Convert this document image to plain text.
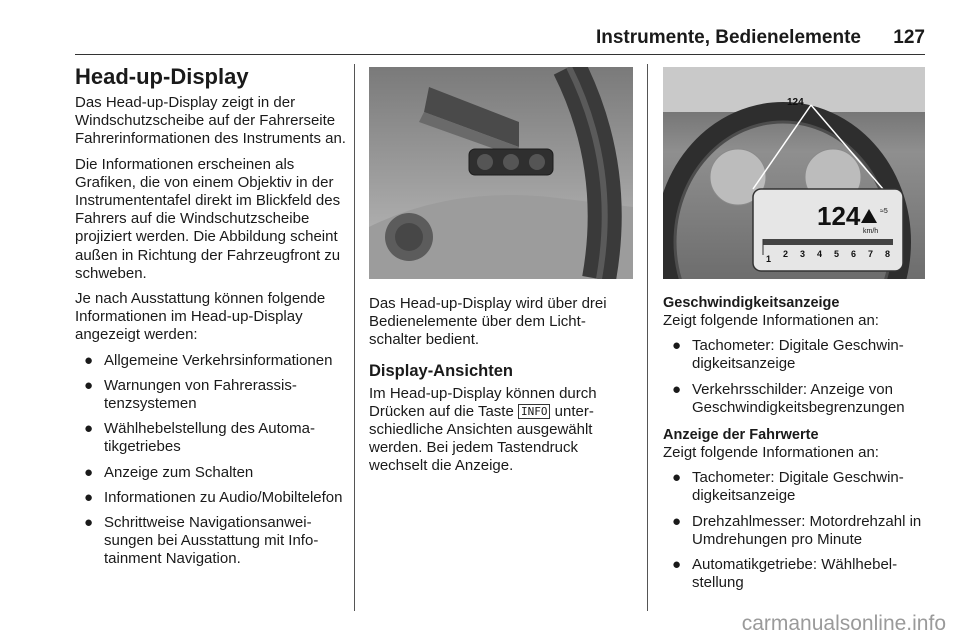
Instrumente, Bedienelemente 127
Head-up-Display

Das Head-up-Display zeigt in der Windschutzscheibe auf der Fahrerseite Fahrerinformationen des Instruments an.

Die Informationen erscheinen als Grafiken, die von einem Objektiv in der Instrumententafel direkt im Blickfeld des Fahrers auf die Windschutzscheibe projiziert werden. Die Abbildung scheint außen in Richtung der Fahrzeugfront zu schweben.

Je nach Ausstattung können folgende Informationen im Head-up-Display angezeigt werden:

● Allgemeine Verkehrsinformationen
● Warnungen von Fahrerassistenzsystemen
● Wählhebelstellung des Automatikgetriebes
● Anzeige zum Schalten
● Informationen zu Audio/Mobiltelefon
● Schrittweise Navigationsanweisungen bei Ausstattung mit Infotainment Navigation.

Das Head-up-Display wird über drei Bedienelemente über dem Lichtschalter bedient.

Display-Ansichten

Im Head-up-Display können durch Drücken auf die Taste INFO unterschiedliche Ansichten ausgewählt werden. Bei jedem Tastendruck wechselt die Anzeige.

124
124
km/h
≈5
1 2 3 4 5 6 7 8
Geschwindigkeitsanzeige

Zeigt folgende Informationen an:

● Tachometer: Digitale Geschwindigkeitsanzeige
● Verkehrsschilder: Anzeige von Geschwindigkeitsbegrenzungen
Anzeige der Fahrwerte

Zeigt folgende Informationen an:

● Tachometer: Digitale Geschwindigkeitsanzeige
● Drehzahlmesser: Motordrehzahl in Umdrehungen pro Minute
● Automatikgetriebe: Wählhebelstellung
carmanualsonline.info
